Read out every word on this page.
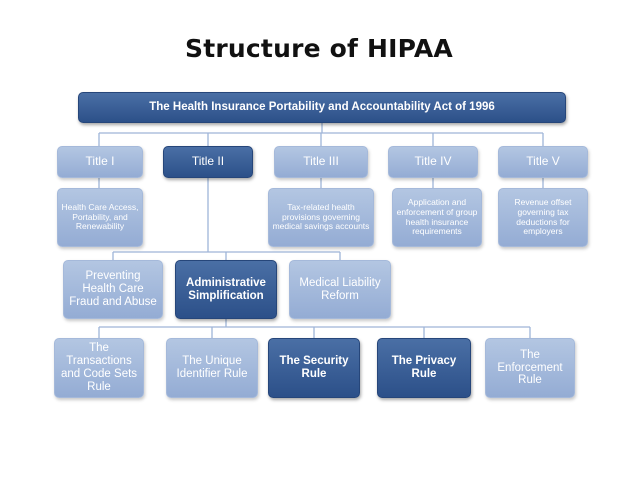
Structure of HIPAA
The Health Insurance Portability and Accountability Act of 1996
Title I	Title II	Title III	Title IV	Title V
Health Care Access, Portability, and Renewability
Tax-related health provisions governing medical savings accounts
Application and enforcement of group health insurance requirements
Revenue offset governing tax deductions for employers
Preventing Health Care Fraud and Abuse
Administrative Simplification
Medical Liability Reform
The Transactions and Code Sets Rule
The Unique Identifier Rule
The Security Rule
The Privacy Rule
The Enforcement Rule
